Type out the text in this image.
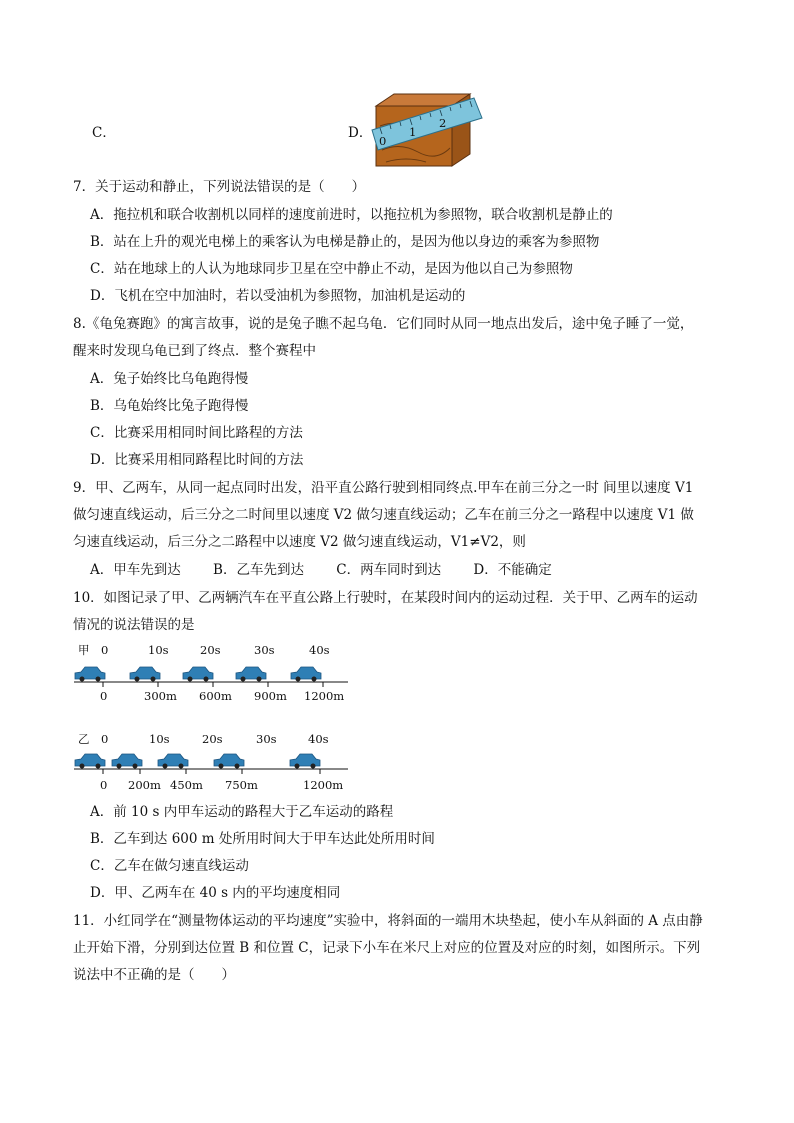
C．	D． 0
1
2
7．关于运动和静止，下列说法错误的是（　　）
A．拖拉机和联合收割机以同样的速度前进时，以拖拉机为参照物，联合收割机是静止的
B．站在上升的观光电梯上的乘客认为电梯是静止的，是因为他以身边的乘客为参照物
C．站在地球上的人认为地球同步卫星在空中静止不动，是因为他以自己为参照物
D．飞机在空中加油时，若以受油机为参照物，加油机是运动的
8.《龟兔赛跑》的寓言故事，说的是兔子瞧不起乌龟．它们同时从同一地点出发后，途中兔子睡了一觉，
醒来时发现乌龟已到了终点．整个赛程中
A．兔子始终比乌龟跑得慢
B．乌龟始终比兔子跑得慢
C．比赛采用相同时间比路程的方法
D．比赛采用相同路程比时间的方法
9．甲、乙两车，从同一起点同时出发，沿平直公路行驶到相同终点.甲车在前三分之一时 间里以速度 V1
做匀速直线运动，后三分之二时间里以速度 V2 做匀速直线运动；乙车在前三分之一路程中以速度 V1 做
匀速直线运动，后三分之二路程中以速度 V2 做匀速直线运动，V1≠V2，则
A．甲车先到达 B．乙车先到达 C．两车同时到达 D．不能确定
10．如图记录了甲、乙两辆汽车在平直公路上行驶时，在某段时间内的运动过程．关于甲、乙两车的运动
情况的说法错误的是
甲 0	10s	20s	30s	40s
0	300m 600m 900m 1200m
乙 0	10s	20s	30s	40s
0 200m 450m 750m	1200m
A．前 10 s 内甲车运动的路程大于乙车运动的路程
B．乙车到达 600 m 处所用时间大于甲车达此处所用时间
C．乙车在做匀速直线运动
D．甲、乙两车在 40 s 内的平均速度相同
11．小红同学在“测量物体运动的平均速度”实验中，将斜面的一端用木块垫起，使小车从斜面的 A 点由静
止开始下滑，分别到达位置 B 和位置 C，记录下小车在米尺上对应的位置及对应的时刻，如图所示。下列
说法中不正确的是（　　）
